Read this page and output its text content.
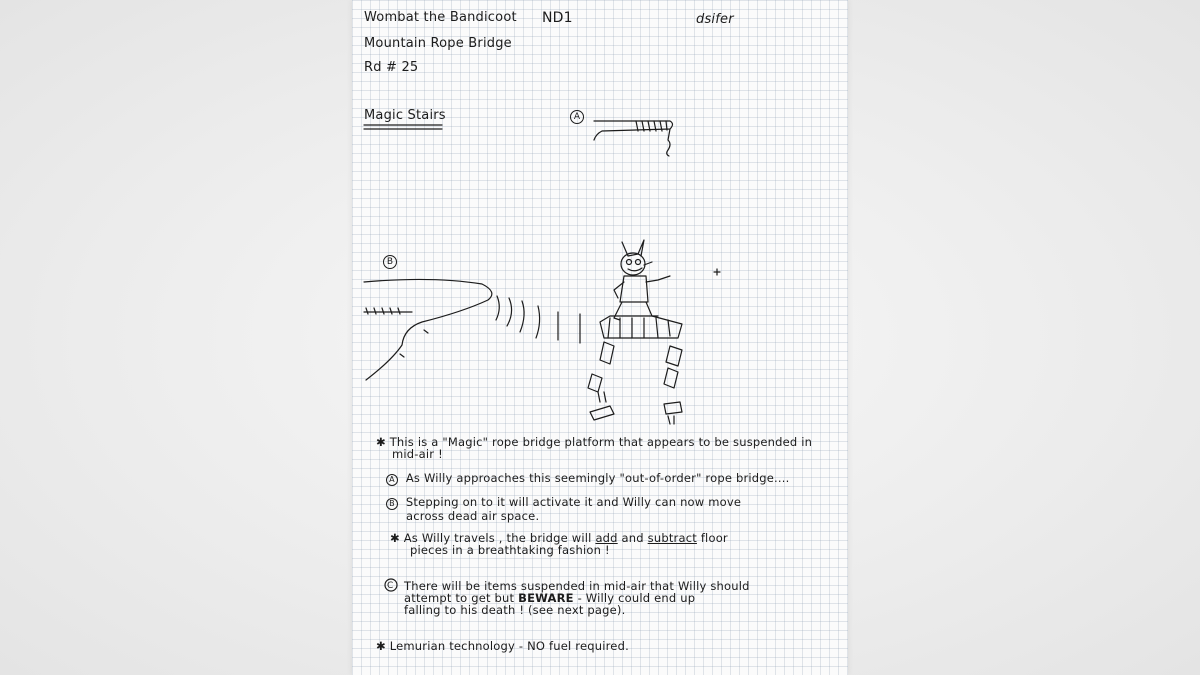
Wombat the Bandicoot ND1	dsifer
Mountain Rope Bridge
Rd # 25
Magic Stairs	A
B
✱ This is a "Magic" rope bridge platform that appears to be suspended in
mid-air !
A As Willy approaches this seemingly "out-of-order" rope bridge....
B Stepping on to it will activate it and Willy can now move
across dead air space.
✱ As Willy travels , the bridge will add and subtract floor
pieces in a breathtaking fashion !
C There will be items suspended in mid-air that Willy should
attempt to get but BEWARE - Willy could end up
falling to his death ! (see next page).
✱ Lemurian technology - NO fuel required.
